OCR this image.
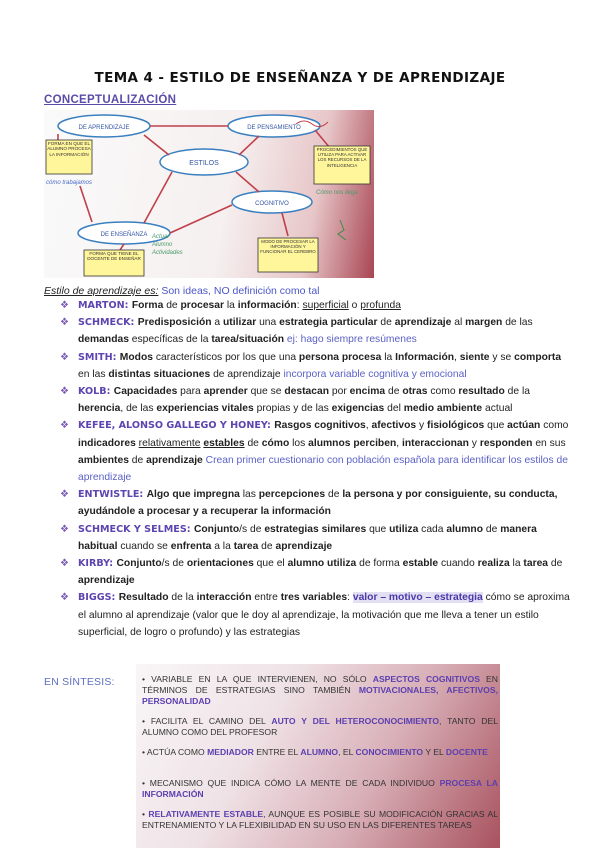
TEMA 4 - ESTILO DE ENSEÑANZA Y DE APRENDIZAJE
CONCEPTUALIZACIÓN
DE APRENDIZAJE	DE PENSAMIENTO
DE ENSEÑANZA
COGNITIVO
ESTILOS
FORMA EN QUE EL ALUMNO PROCESA LA INFORMACIÓN
PROCEDIMIENTOS QUE UTILIZA PARA ACTIVAR LOS RECURSOS DE LA INTELIGENCIA
FORMA QUE TIENE EL DOCENTE DE ENSEÑAR
MODO DE PROCESAR LA INFORMACIÓN Y FUNCIONAR EL CEREBRO
cómo trabajamos
Actuar
Alumno
Actividades
Cómo nos llega
Estilo de aprendizaje es: Son ideas, NO definición como tal
❖ MARTON: Forma de procesar la información: superficial o profunda
❖ SCHMECK: Predisposición a utilizar una estrategia particular de aprendizaje al margen de las demandas específicas de la tarea/situación ej: hago siempre resúmenes
❖ SMITH: Modos característicos por los que una persona procesa la Información, siente y se comporta en las distintas situaciones de aprendizaje incorpora variable cognitiva y emocional
❖ KOLB: Capacidades para aprender que se destacan por encima de otras como resultado de la herencia, de las experiencias vitales propias y de las exigencias del medio ambiente actual
❖ KEFEE, ALONSO GALLEGO Y HONEY: Rasgos cognitivos, afectivos y fisiológicos que actúan como indicadores relativamente estables de cómo los alumnos perciben, interaccionan y responden en sus ambientes de aprendizaje Crean primer cuestionario con población española para identificar los estilos de aprendizaje
❖ ENTWISTLE: Algo que impregna las percepciones de la persona y por consiguiente, su conducta, ayudándole a procesar y a recuperar la información
❖ SCHMECK Y SELMES: Conjunto/s de estrategias similares que utiliza cada alumno de manera habitual cuando se enfrenta a la tarea de aprendizaje
❖ KIRBY: Conjunto/s de orientaciones que el alumno utiliza de forma estable cuando realiza la tarea de aprendizaje
❖ BIGGS: Resultado de la interacción entre tres variables: valor – motivo – estrategia cómo se aproxima el alumno al aprendizaje (valor que le doy al aprendizaje, la motivación que me lleva a tener un estilo superficial, de logro o profundo) y las estrategias
EN SÍNTESIS:	• VARIABLE EN LA QUE INTERVIENEN, NO SÓLO ASPECTOS COGNITIVOS EN TÉRMINOS DE ESTRATEGIAS SINO TAMBIÉN MOTIVACIONALES, AFECTIVOS, PERSONALIDAD

• FACILITA EL CAMINO DEL AUTO Y DEL HETEROCONOCIMIENTO, TANTO DEL ALUMNO COMO DEL PROFESOR

• ACTÚA COMO MEDIADOR ENTRE EL ALUMNO, EL CONOCIMIENTO Y EL DOCENTE

• MECANISMO QUE INDICA CÓMO LA MENTE DE CADA INDIVIDUO PROCESA LA INFORMACIÓN

• RELATIVAMENTE ESTABLE, AUNQUE ES POSIBLE SU MODIFICACIÓN GRACIAS AL ENTRENAMIENTO Y LA FLEXIBILIDAD EN SU USO EN LAS DIFERENTES TAREAS
